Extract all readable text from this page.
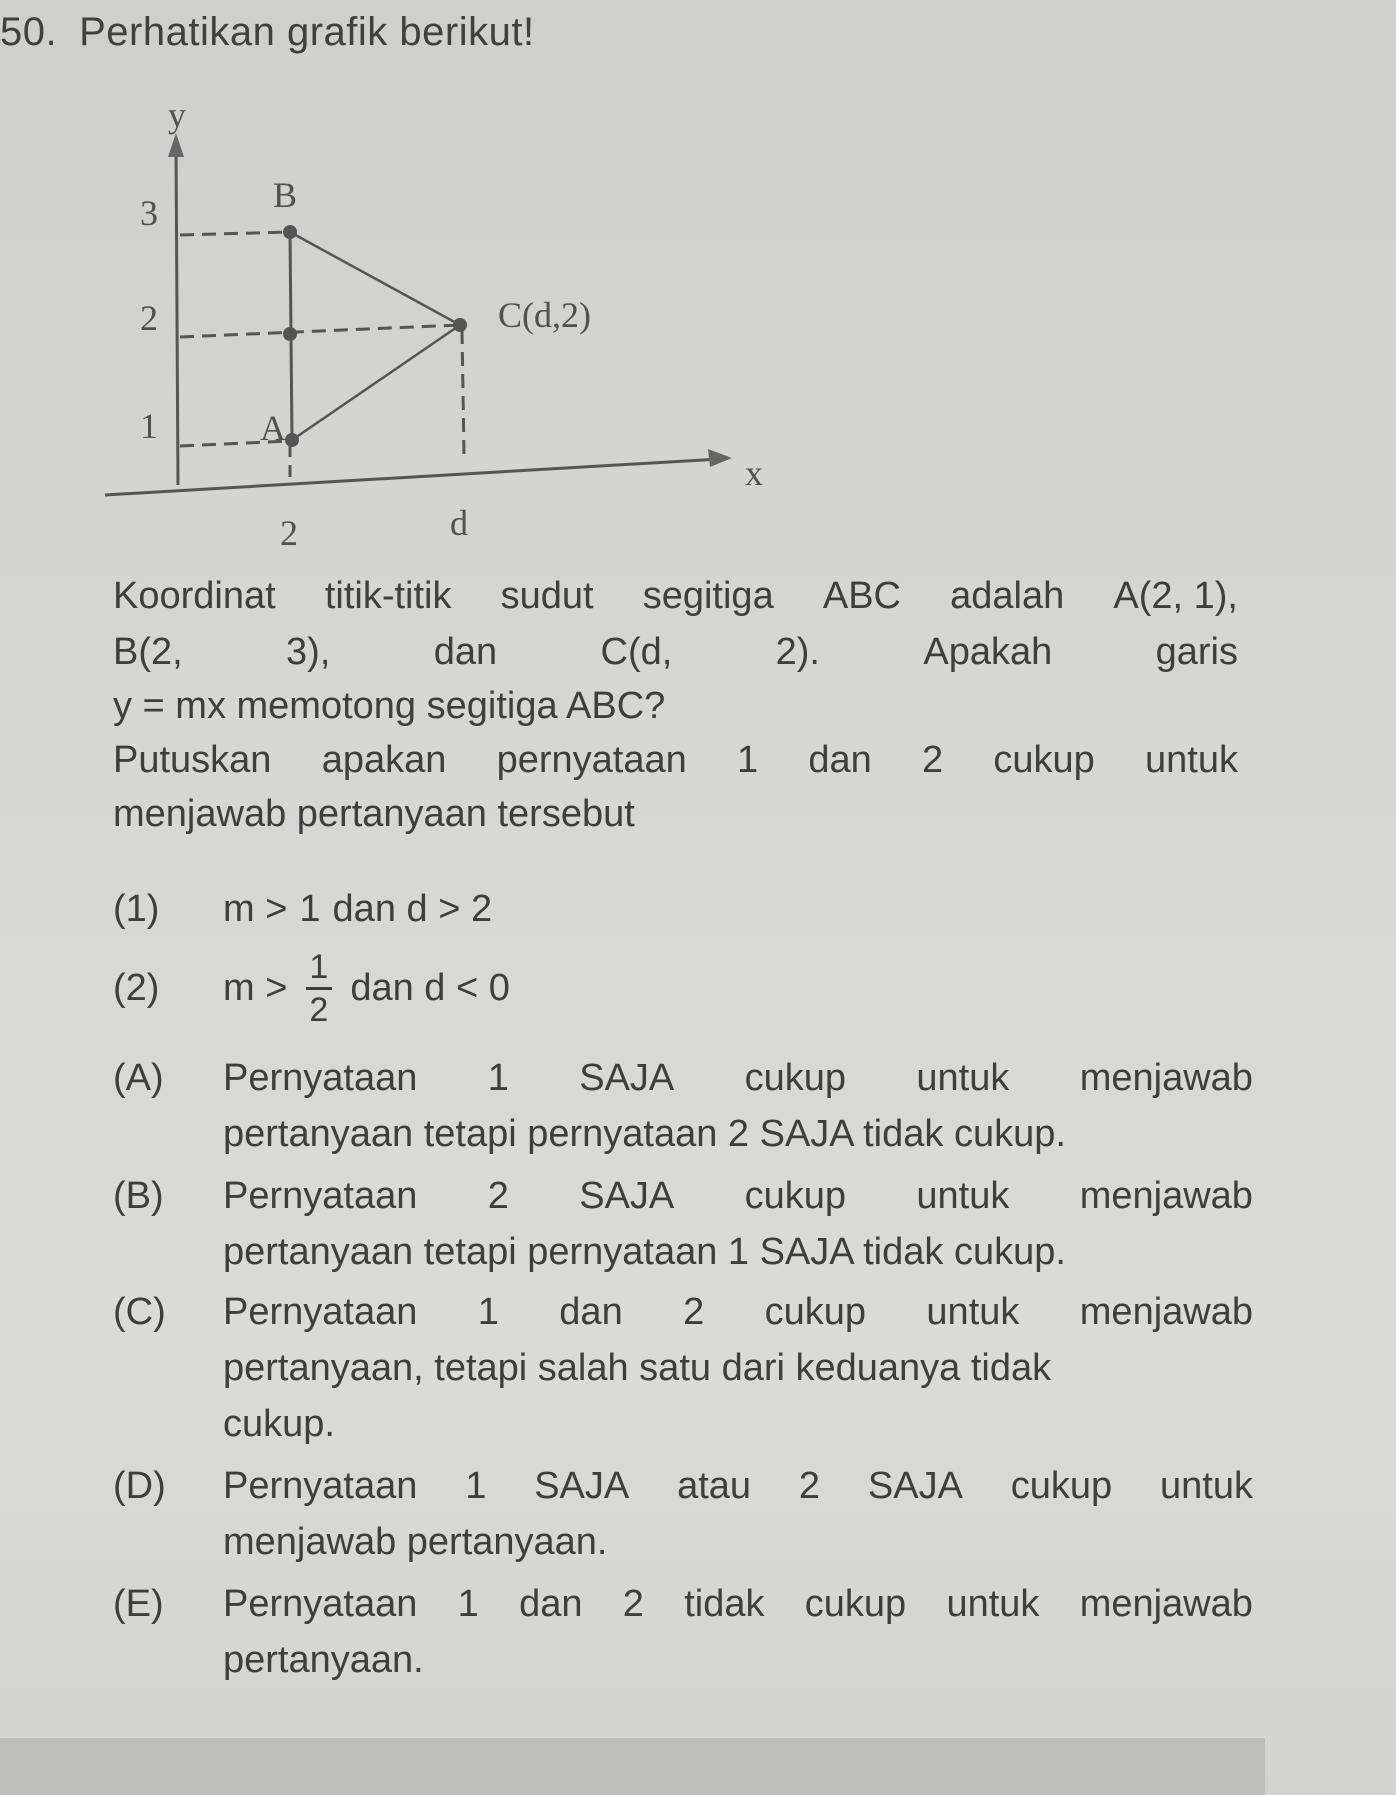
50. Perhatikan grafik berikut!
y
x
3
2
1
2	d
B
A
C(d,2)
Koordinat titik-titik sudut segitiga ABC adalah A(2, 1),
B(2,	3),	dan	C(d,	2).	Apakah	garis
y = mx memotong segitiga ABC?
Putuskan apakan pernyataan 1 dan 2 cukup untuk
menjawab pertanyaan tersebut
(1)	m > 1 dan d > 2
(2)	$m > \frac{1}{2}$ dan d < 0
(A)	Pernyataan 1 SAJA cukup untuk menjawab
pertanyaan tetapi pernyataan 2 SAJA tidak cukup.
(B)	Pernyataan 2 SAJA cukup untuk menjawab
pertanyaan tetapi pernyataan 1 SAJA tidak cukup.
(C)	Pernyataan 1 dan 2 cukup untuk menjawab
pertanyaan, tetapi salah satu dari keduanya tidak
cukup.
(D)	Pernyataan 1 SAJA atau 2 SAJA cukup untuk
menjawab pertanyaan.
(E)	Pernyataan 1 dan 2 tidak cukup untuk menjawab
pertanyaan.
